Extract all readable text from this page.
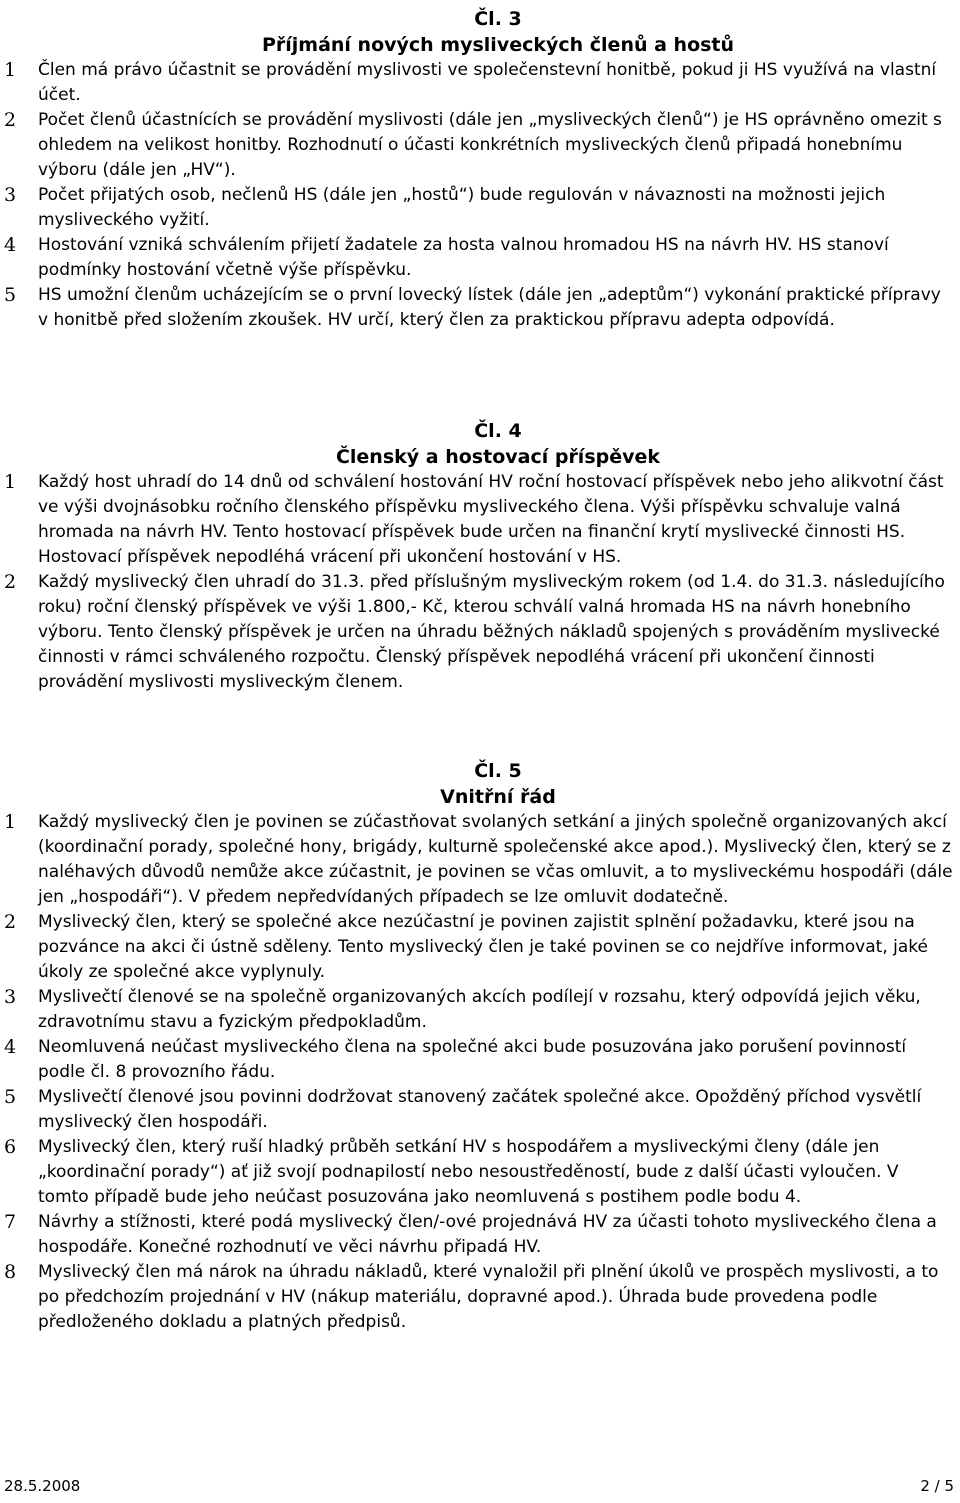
Čl. 3
Příjmání nových mysliveckých členů a hostů
1	Člen má právo účastnit se provádění myslivosti ve společenstevní honitbě, pokud ji HS využívá na vlastní účet.
2	Počet členů účastnících se provádění myslivosti (dále jen „mysliveckých členů“) je HS oprávněno omezit s ohledem na velikost honitby. Rozhodnutí o účasti konkrétních mysliveckých členů připadá honebnímu výboru (dále jen „HV“).
3	Počet přijatých osob, nečlenů HS (dále jen „hostů“) bude regulován v návaznosti na možnosti jejich mysliveckého vyžití.
4	Hostování vzniká schválením přijetí žadatele za hosta valnou hromadou HS na návrh HV. HS stanoví podmínky hostování včetně výše příspěvku.
5	HS umožní členům ucházejícím se o první lovecký lístek (dále jen „adeptům“) vykonání praktické přípravy v honitbě před složením zkoušek. HV určí, který člen za praktickou přípravu adepta odpovídá.
Čl. 4
Členský a hostovací příspěvek
1	Každý host uhradí do 14 dnů od schválení hostování HV roční hostovací příspěvek nebo jeho alikvotní část ve výši dvojnásobku ročního členského příspěvku mysliveckého člena. Výši příspěvku schvaluje valná hromada na návrh HV. Tento hostovací příspěvek bude určen na finanční krytí myslivecké činnosti HS. Hostovací příspěvek nepodléhá vrácení při ukončení hostování v HS.
2	Každý myslivecký člen uhradí do 31.3. před příslušným mysliveckým rokem (od 1.4. do 31.3. následujícího roku) roční členský příspěvek ve výši 1.800,- Kč, kterou schválí valná hromada HS na návrh honebního výboru. Tento členský příspěvek je určen na úhradu běžných nákladů spojených s prováděním myslivecké činnosti v rámci schváleného rozpočtu. Členský příspěvek nepodléhá vrácení při ukončení činnosti provádění myslivosti mysliveckým členem.
Čl. 5
Vnitřní řád
1	Každý myslivecký člen je povinen se zúčastňovat svolaných setkání a jiných společně organizovaných akcí (koordinační porady, společné hony, brigády, kulturně společenské akce apod.). Myslivecký člen, který se z naléhavých důvodů nemůže akce zúčastnit, je povinen se včas omluvit, a to mysliveckému hospodáři (dále jen „hospodáři“). V předem nepředvídaných případech se lze omluvit dodatečně.
2	Myslivecký člen, který se společné akce nezúčastní je povinen zajistit splnění požadavku, které jsou na pozvánce na akci či ústně sděleny. Tento myslivecký člen je také povinen se co nejdříve informovat, jaké úkoly ze společné akce vyplynuly.
3	Myslivečtí členové se na společně organizovaných akcích podílejí v rozsahu, který odpovídá jejich věku, zdravotnímu stavu a fyzickým předpokladům.
4	Neomluvená neúčast mysliveckého člena na společné akci bude posuzována jako porušení povinností podle čl. 8 provozního řádu.
5	Myslivečtí členové jsou povinni dodržovat stanovený začátek společné akce. Opožděný příchod vysvětlí myslivecký člen hospodáři.
6	Myslivecký člen, který ruší hladký průběh setkání HV s hospodářem a mysliveckými členy (dále jen „koordinační porady“) ať již svojí podnapilostí nebo nesoustředěností, bude z další účasti vyloučen. V tomto případě bude jeho neúčast posuzována jako neomluvená s postihem podle bodu 4.
7	Návrhy a stížnosti, které podá myslivecký člen/-ové projednává HV za účasti tohoto mysliveckého člena a hospodáře. Konečné rozhodnutí ve věci návrhu připadá HV.
8	Myslivecký člen má nárok na úhradu nákladů, které vynaložil při plnění úkolů ve prospěch myslivosti, a to po předchozím projednání v HV (nákup materiálu, dopravné apod.). Úhrada bude provedena podle předloženého dokladu a platných předpisů.
28.5.2008	2 / 5
